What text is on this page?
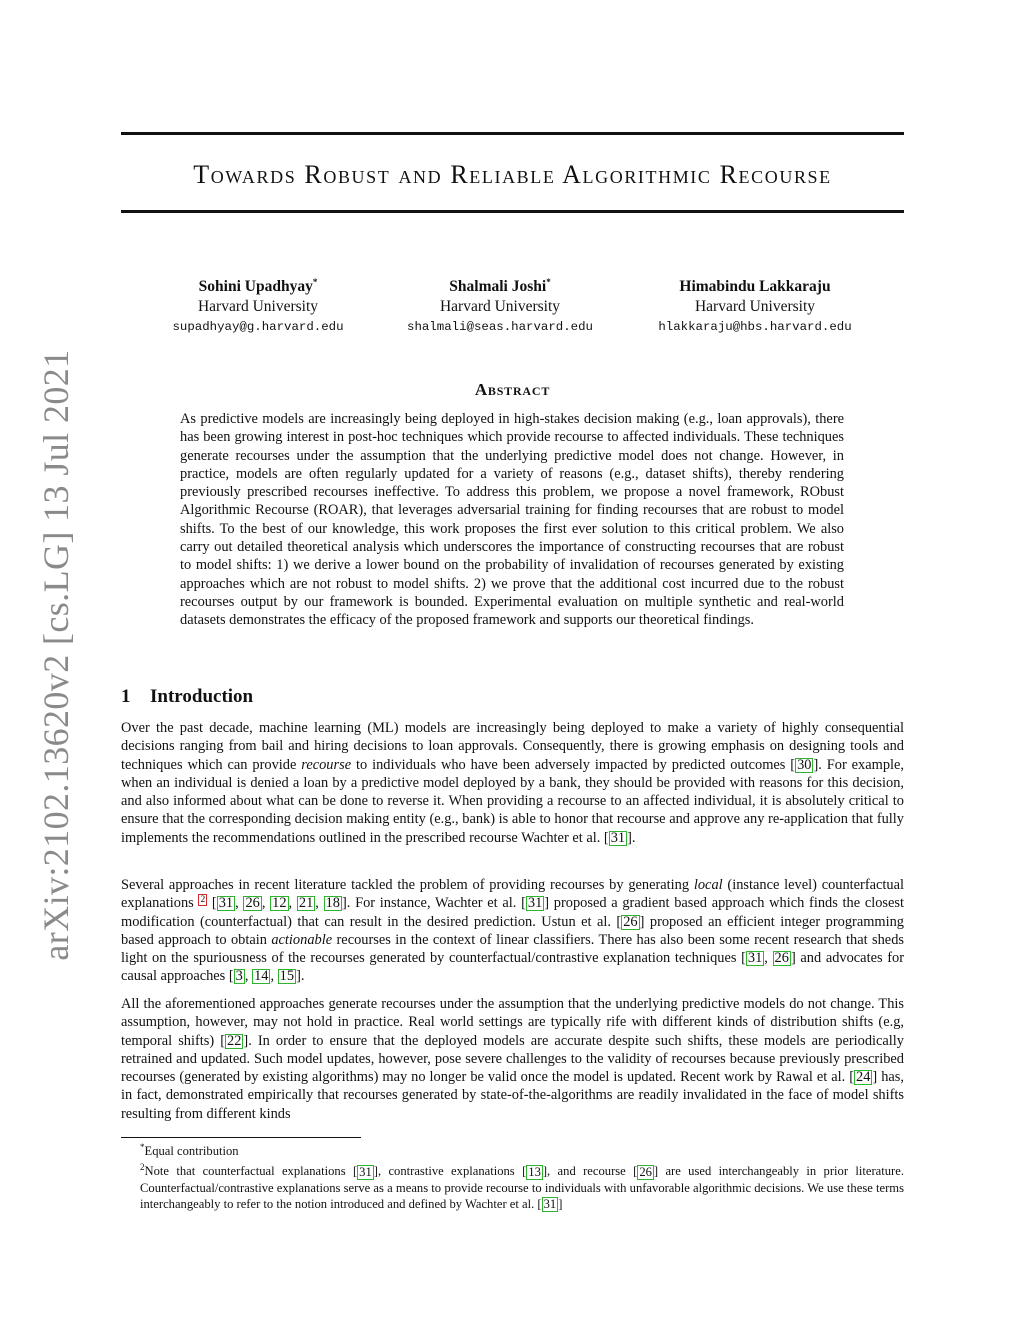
Towards Robust and Reliable Algorithmic Recourse
Sohini Upadhyay*
Harvard University
supadhyay@g.harvard.edu
Shalmali Joshi*
Harvard University
shalmali@seas.harvard.edu
Himabindu Lakkaraju
Harvard University
hlakkaraju@hbs.harvard.edu
arXiv:2102.13620v2 [cs.LG] 13 Jul 2021	Abstract

As predictive models are increasingly being deployed in high-stakes decision making (e.g., loan approvals), there has been growing interest in post-hoc techniques which provide recourse to affected individuals. These techniques generate recourses under the assumption that the underlying predictive model does not change. However, in practice, models are often regularly updated for a variety of reasons (e.g., dataset shifts), thereby rendering previously prescribed recourses ineffective. To address this problem, we propose a novel framework, RObust Algorithmic Recourse (ROAR), that leverages adversarial training for finding recourses that are robust to model shifts. To the best of our knowledge, this work proposes the first ever solution to this critical problem. We also carry out detailed theoretical analysis which underscores the importance of constructing recourses that are robust to model shifts: 1) we derive a lower bound on the probability of invalidation of recourses generated by existing approaches which are not robust to model shifts. 2) we prove that the additional cost incurred due to the robust recourses output by our framework is bounded. Experimental evaluation on multiple synthetic and real-world datasets demonstrates the efficacy of the proposed framework and supports our theoretical findings.

1 Introduction

Over the past decade, machine learning (ML) models are increasingly being deployed to make a variety of highly consequential decisions ranging from bail and hiring decisions to loan approvals. Consequently, there is growing emphasis on designing tools and techniques which can provide recourse to individuals who have been adversely impacted by predicted outcomes [ 30 ]. For example, when an individual is denied a loan by a predictive model deployed by a bank, they should be provided with reasons for this decision, and also informed about what can be done to reverse it. When providing a recourse to an affected individual, it is absolutely critical to ensure that the corresponding decision making entity (e.g., bank) is able to honor that recourse and approve any re-application that fully implements the recommendations outlined in the prescribed recourse Wachter et al. [ 31 ].

Several approaches in recent literature tackled the problem of providing recourses by generating local (instance level) counterfactual explanations 2 [ 31 , 26 , 12 , 21 , 18 ]. For instance, Wachter et al. [ 31 ] proposed a gradient based approach which finds the closest modification (counterfactual) that can result in the desired prediction. Ustun et al. [ 26 ] proposed an efficient integer programming based approach to obtain actionable recourses in the context of linear classifiers. There has also been some recent research that sheds light on the spuriousness of the recourses generated by counterfactual/contrastive explanation techniques [ 31 , 26 ] and advocates for causal approaches [ 3 , 14 , 15 ].

All the aforementioned approaches generate recourses under the assumption that the underlying predictive models do not change. This assumption, however, may not hold in practice. Real world settings are typically rife with different kinds of distribution shifts (e.g, temporal shifts) [ 22 ]. In order to ensure that the deployed models are accurate despite such shifts, these models are periodically retrained and updated. Such model updates, however, pose severe challenges to the validity of recourses because previously prescribed recourses (generated by existing algorithms) may no longer be valid once the model is updated. Recent work by Rawal et al. [ 24 ] has, in fact, demonstrated empirically that recourses generated by state-of-the-algorithms are readily invalidated in the face of model shifts resulting from different kinds

*Equal contribution

$^2$Note that counterfactual explanations [ 31 ], contrastive explanations [ 13 ], and recourse [ 26 ] are used interchangeably in prior literature. Counterfactual/contrastive explanations serve as a means to provide recourse to individuals with unfavorable algorithmic decisions. We use these terms interchangeably to refer to the notion introduced and defined by Wachter et al. [ 31 ]
